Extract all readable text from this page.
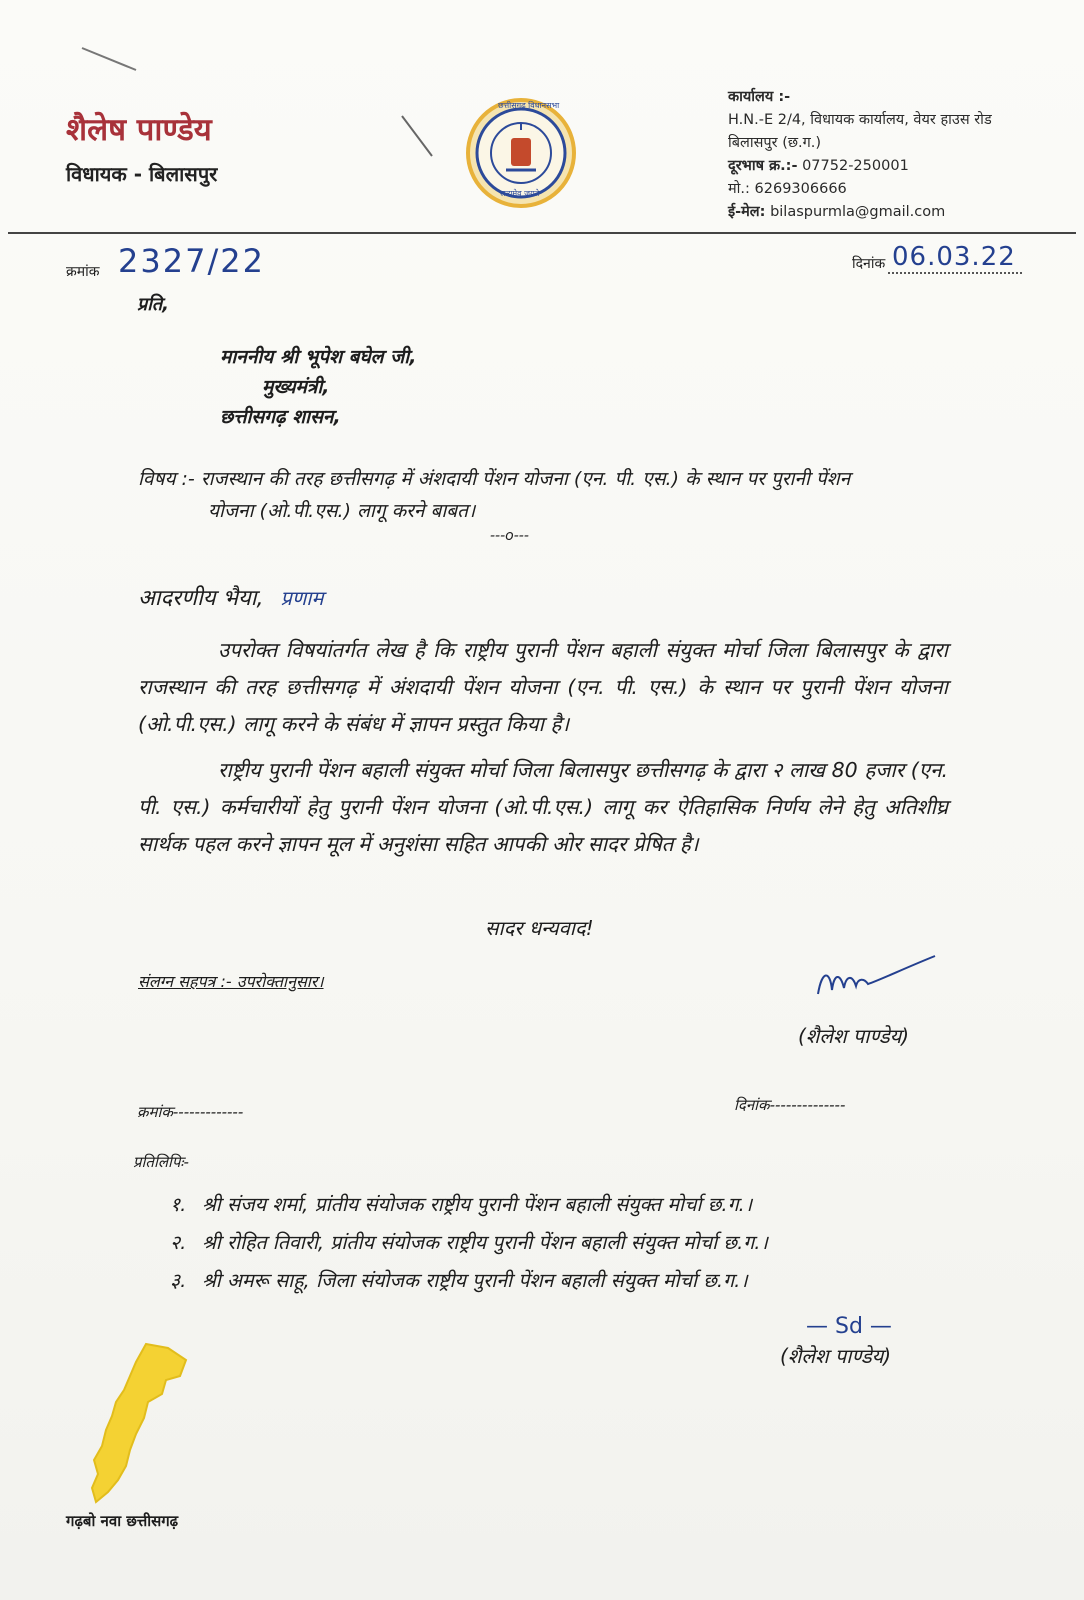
शैलेष पाण्डेय
विधायक - बिलासपुर
छत्तीसगढ़ विधानसभा
सत्यमेव जयते
कार्यालय :-
H.N.-E 2/4, विधायक कार्यालय, वेयर हाउस रोड
बिलासपुर (छ.ग.)
दूरभाष क्र.:- 07752-250001
मो.: 6269306666
ई-मेल: bilaspurmla@gmail.com
क्रमांक 2327/22	दिनांक 06.03.22
प्रति,
माननीय श्री भूपेश बघेल जी,
मुख्यमंत्री,
छत्तीसगढ़ शासन,
विषय :- राजस्थान की तरह छत्तीसगढ़ में अंशदायी पेंशन योजना (एन. पी. एस.) के स्थान पर पुरानी पेंशन
योजना (ओ.पी.एस.) लागू करने बाबत।
---o---
आदरणीय भैया, प्रणाम
उपरोक्त विषयांतर्गत लेख है कि राष्ट्रीय पुरानी पेंशन बहाली संयुक्त मोर्चा जिला बिलासपुर के द्वारा राजस्थान की तरह छत्तीसगढ़ में अंशदायी पेंशन योजना (एन. पी. एस.) के स्थान पर पुरानी पेंशन योजना (ओ.पी.एस.) लागू करने के संबंध में ज्ञापन प्रस्तुत किया है।
राष्ट्रीय पुरानी पेंशन बहाली संयुक्त मोर्चा जिला बिलासपुर छत्तीसगढ़ के द्वारा २ लाख 80 हजार (एन. पी. एस.) कर्मचारीयों हेतु पुरानी पेंशन योजना (ओ.पी.एस.) लागू कर ऐतिहासिक निर्णय लेने हेतु अतिशीघ्र सार्थक पहल करने ज्ञापन मूल में अनुशंसा सहित आपकी ओर सादर प्रेषित है।
सादर धन्यवाद!
संलग्न सहपत्र :- उपरोक्तानुसार।
(शैलेश पाण्डेय)
क्रमांक-------------	दिनांक--------------
प्रतिलिपिः-
१. श्री संजय शर्मा, प्रांतीय संयोजक राष्ट्रीय पुरानी पेंशन बहाली संयुक्त मोर्चा छ.ग.।
२. श्री रोहित तिवारी, प्रांतीय संयोजक राष्ट्रीय पुरानी पेंशन बहाली संयुक्त मोर्चा छ.ग.।
३. श्री अमरू साहू, जिला संयोजक राष्ट्रीय पुरानी पेंशन बहाली संयुक्त मोर्चा छ.ग.।
— Sd —
(शैलेश पाण्डेय)
गढ़बो नवा छत्तीसगढ़
